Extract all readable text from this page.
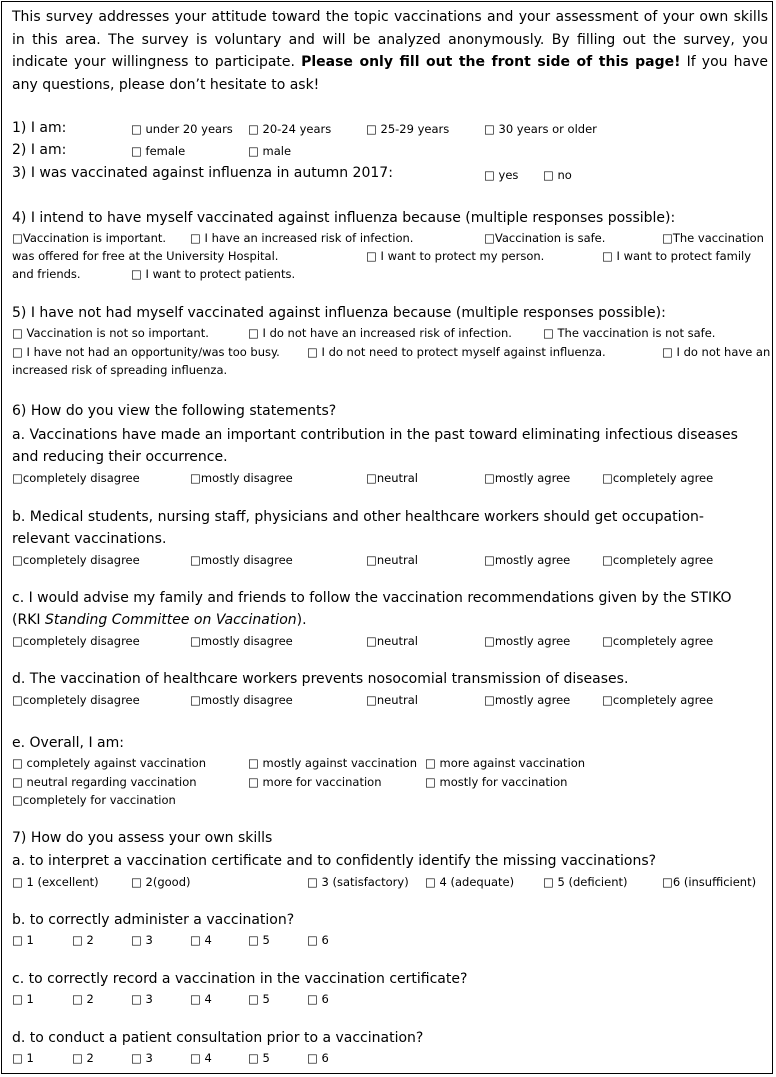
This survey addresses your attitude toward the topic vaccinations and your assessment of your own skills in this area. The survey is voluntary and will be analyzed anonymously. By filling out the survey, you indicate your willingness to participate. Please only fill out the front side of this page! If you have any questions, please don’t hesitate to ask!
1) I am:	□ under 20 years □ 20-24 years	□ 25-29 years	□ 30 years or older
2) I am:	□ female	□ male
3) I was vaccinated against influenza in autumn 2017:	□ yes □ no
4) I intend to have myself vaccinated against influenza because (multiple responses possible):
□Vaccination is important. □ I have an increased risk of infection.	□Vaccination is safe.	□The vaccination
was offered for free at the University Hospital.	□ I want to protect my person.	□ I want to protect family
and friends.	□ I want to protect patients.
5) I have not had myself vaccinated against influenza because (multiple responses possible):
□ Vaccination is not so important.	□ I do not have an increased risk of infection.	□ The vaccination is not safe.
□ I have not had an opportunity/was too busy. □ I do not need to protect myself against influenza.	□ I do not have an
increased risk of spreading influenza.
6) How do you view the following statements?
a. Vaccinations have made an important contribution in the past toward eliminating infectious diseases
and reducing their occurrence.
□completely disagree	□mostly disagree	□neutral	□mostly agree	□completely agree
b. Medical students, nursing staff, physicians and other healthcare workers should get occupation-
relevant vaccinations.
□completely disagree	□mostly disagree	□neutral	□mostly agree	□completely agree
c. I would advise my family and friends to follow the vaccination recommendations given by the STIKO
(RKI Standing Committee on Vaccination).
□completely disagree	□mostly disagree	□neutral	□mostly agree	□completely agree
d. The vaccination of healthcare workers prevents nosocomial transmission of diseases.
□completely disagree	□mostly disagree	□neutral	□mostly agree	□completely agree
e. Overall, I am:
□ completely against vaccination	□ mostly against vaccination □ more against vaccination
□ neutral regarding vaccination	□ more for vaccination	□ mostly for vaccination
□completely for vaccination
7) How do you assess your own skills
a. to interpret a vaccination certificate and to confidently identify the missing vaccinations?
□ 1 (excellent)	□ 2(good)	□ 3 (satisfactory) □ 4 (adequate)	□ 5 (deficient)	□6 (insufficient)
b. to correctly administer a vaccination?
□ 1	□ 2	□ 3	□ 4	□ 5	□ 6
c. to correctly record a vaccination in the vaccination certificate?
□ 1	□ 2	□ 3	□ 4	□ 5	□ 6
d. to conduct a patient consultation prior to a vaccination?
□ 1	□ 2	□ 3	□ 4	□ 5	□ 6
